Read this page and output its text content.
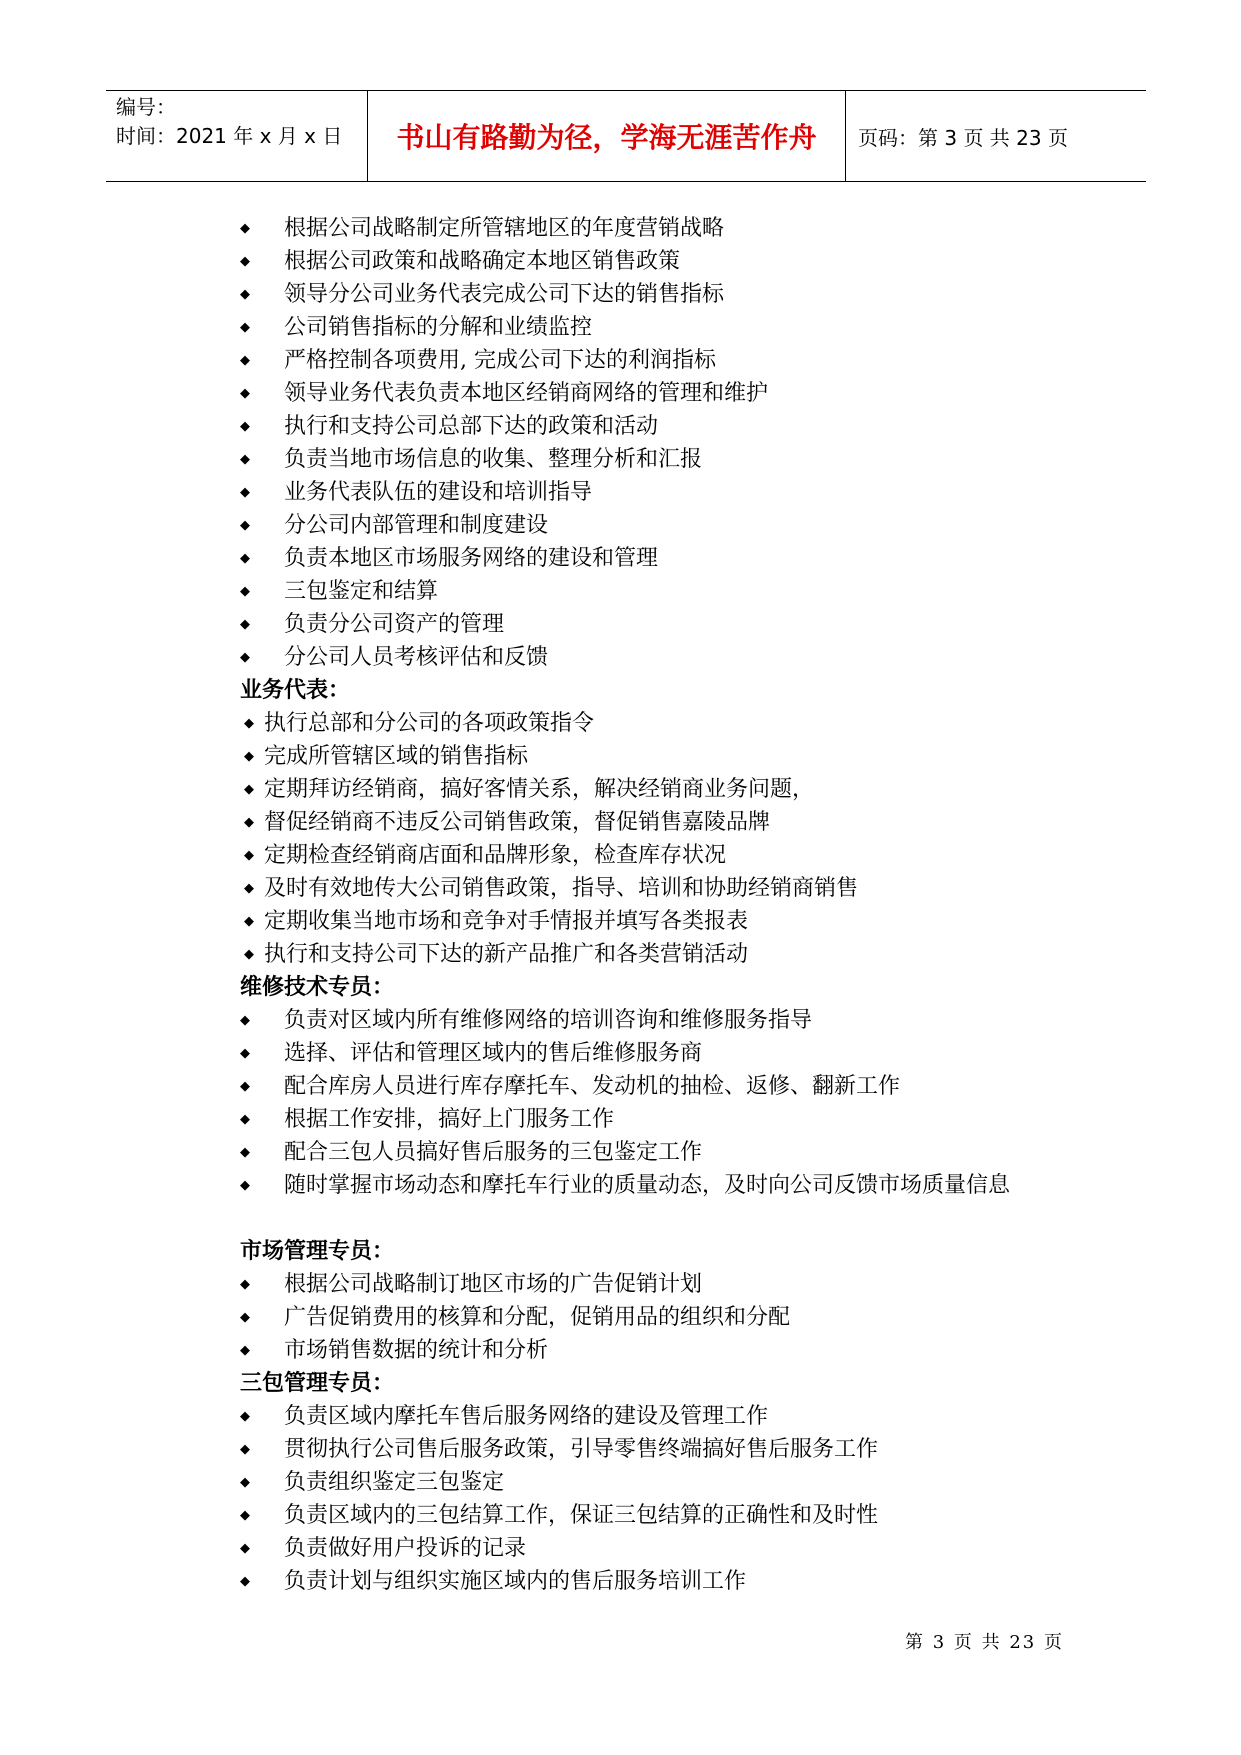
编号：
时间：2021 年 x 月 x 日	书山有路勤为径，学海无涯苦作舟	页码：第 3 页 共 23 页
◆ 根据公司战略制定所管辖地区的年度营销战略
◆ 根据公司政策和战略确定本地区销售政策
◆ 领导分公司业务代表完成公司下达的销售指标
◆ 公司销售指标的分解和业绩监控
◆ 严格控制各项费用, 完成公司下达的利润指标
◆ 领导业务代表负责本地区经销商网络的管理和维护
◆ 执行和支持公司总部下达的政策和活动
◆ 负责当地市场信息的收集、整理分析和汇报
◆ 业务代表队伍的建设和培训指导
◆ 分公司内部管理和制度建设
◆ 负责本地区市场服务网络的建设和管理
◆ 三包鉴定和结算
◆ 负责分公司资产的管理
◆ 分公司人员考核评估和反馈
业务代表：
◆ 执行总部和分公司的各项政策指令
◆ 完成所管辖区域的销售指标
◆ 定期拜访经销商，搞好客情关系，解决经销商业务问题，
◆ 督促经销商不违反公司销售政策，督促销售嘉陵品牌
◆ 定期检查经销商店面和品牌形象，检查库存状况
◆ 及时有效地传大公司销售政策，指导、培训和协助经销商销售
◆ 定期收集当地市场和竞争对手情报并填写各类报表
◆ 执行和支持公司下达的新产品推广和各类营销活动
维修技术专员：
◆ 负责对区域内所有维修网络的培训咨询和维修服务指导
◆ 选择、评估和管理区域内的售后维修服务商
◆ 配合库房人员进行库存摩托车、发动机的抽检、返修、翻新工作
◆ 根据工作安排，搞好上门服务工作
◆ 配合三包人员搞好售后服务的三包鉴定工作
◆ 随时掌握市场动态和摩托车行业的质量动态，及时向公司反馈市场质量信息
市场管理专员：
◆ 根据公司战略制订地区市场的广告促销计划
◆ 广告促销费用的核算和分配，促销用品的组织和分配
◆ 市场销售数据的统计和分析
三包管理专员：
◆ 负责区域内摩托车售后服务网络的建设及管理工作
◆ 贯彻执行公司售后服务政策，引导零售终端搞好售后服务工作
◆ 负责组织鉴定三包鉴定
◆ 负责区域内的三包结算工作，保证三包结算的正确性和及时性
◆ 负责做好用户投诉的记录
◆ 负责计划与组织实施区域内的售后服务培训工作
第 3 页 共 23 页
